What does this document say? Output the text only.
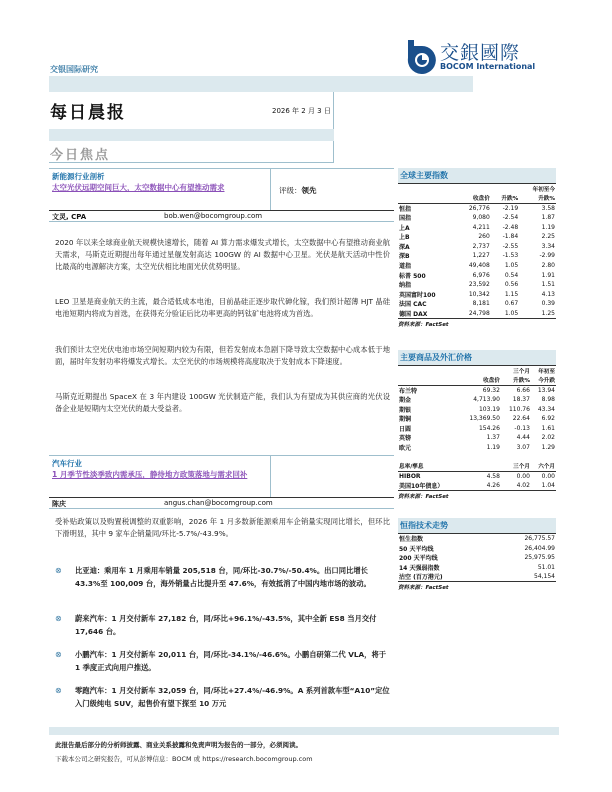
交銀國際
BOCOM International
交银国际研究
每日晨报	2026 年 2 月 3 日
今日焦点
新能源行业剖析
太空光伏远期空间巨大，太空数据中心有望推动需求	评级：领先
文灵, CPA	bob.wen@bocomgroup.com
2020 年以来全球商业航天规模快速增长，随着 AI 算力需求爆发式增长，太空数据中心有望推动商业航天需求，马斯克近期提出每年通过星舰发射高达 100GW 的 AI 数据中心卫星。光伏是航天活动中性价比最高的电源解决方案，太空光伏相比地面光伏优势明显。
LEO 卫星是商业航天的主流，最合适低成本电池，目前晶硅正逐步取代砷化镓，我们预计超薄 HJT 晶硅电池短期内将成为首选，在获得充分验证后比功率更高的钙钛矿电池将成为首选。
我们预计太空光伏电池市场空间短期内较为有限，但若发射成本急剧下降导致太空数据中心成本低于地面，届时年发射功率将爆发式增长。太空光伏的市场规模将高度取决于发射成本下降速度。
马斯克近期提出 SpaceX 在 3 年内建设 100GW 光伏制造产能，我们认为有望成为其供应商的光伏设备企业是短期内太空光伏的最大受益者。
汽车行业
1 月季节性淡季致内需承压，静待地方政策落地与需求回补
陈庆	angus.chan@bocomgroup.com
受补贴政策以及购置税调整的双重影响，2026 年 1 月多数新能源乘用车企销量实现同比增长，但环比下滑明显，其中 9 家车企销量同/环比-5.7%/-43.9%。
⊗	比亚迪：乘用车 1 月乘用车销量 205,518 台，同/环比-30.7%/-50.4%。出口同比增长 43.3%至 100,009 台，海外销量占比提升至 47.6%，有效抵消了中国内地市场的波动。
⊗	蔚来汽车：1 月交付新车 27,182 台，同/环比+96.1%/-43.5%，其中全新 ES8 当月交付 17,646 台。
⊗	小鹏汽车：1 月交付新车 20,011 台，同/环比-34.1%/-46.6%。小鹏自研第二代 VLA，将于 1 季度正式向用户推送。
⊗	零跑汽车：1 月交付新车 32,059 台，同/环比+27.4%/-46.9%。A 系列首款车型“A10”定位入门级纯电 SUV，起售价有望下探至 10 万元
此报告最后部分的分析师披露、商业关系披露和免责声明为报告的一部分，必须阅读。
下载本公司之研究报告，可从彭博信息：BOCM 或 https://research.bocomgroup.com
全球主要指数
			年初至今
	收盘价	升跌%	升跌%
恒指	26,776	-2.19	3.58
国指	9,080	-2.54	1.87
上A	4,211	-2.48	1.19
上B	260	-1.84	2.25
深A	2,737	-2.55	3.34
深B	1,227	-1.53	-2.99
道指	49,408	1.05	2.80
标普 500	6,976	0.54	1.91
纳指	23,592	0.56	1.51
英国富时100	10,342	1.15	4.13
法国 CAC	8,181	0.67	0.39
德国 DAX	24,798	1.05	1.25
资料来源：FactSet
主要商品及外汇价格
		三个月	年初至
	收盘价	升跌%	今升跌
布兰特	69.32	6.66	13.94
期金	4,713.90	18.37	8.98
期银	103.19	110.76	43.34
期铜	13,369.50	22.64	6.92
日圆	154.26	-0.13	1.61
英镑	1.37	4.44	2.02
欧元	1.19	3.07	1.29

息率/孳息		三个月	六个月
HIBOR	4.58	0.00	0.00
美国10年债息）	4.26	4.02	1.04
资料来源：FactSet
恒指技术走势
恒生指数	26,775.57
50 天平均线	26,404.99
200 天平均线	25,975.95
14 天强弱指数	51.01
沽空 (百万港元)	54,154
资料来源：FactSet
